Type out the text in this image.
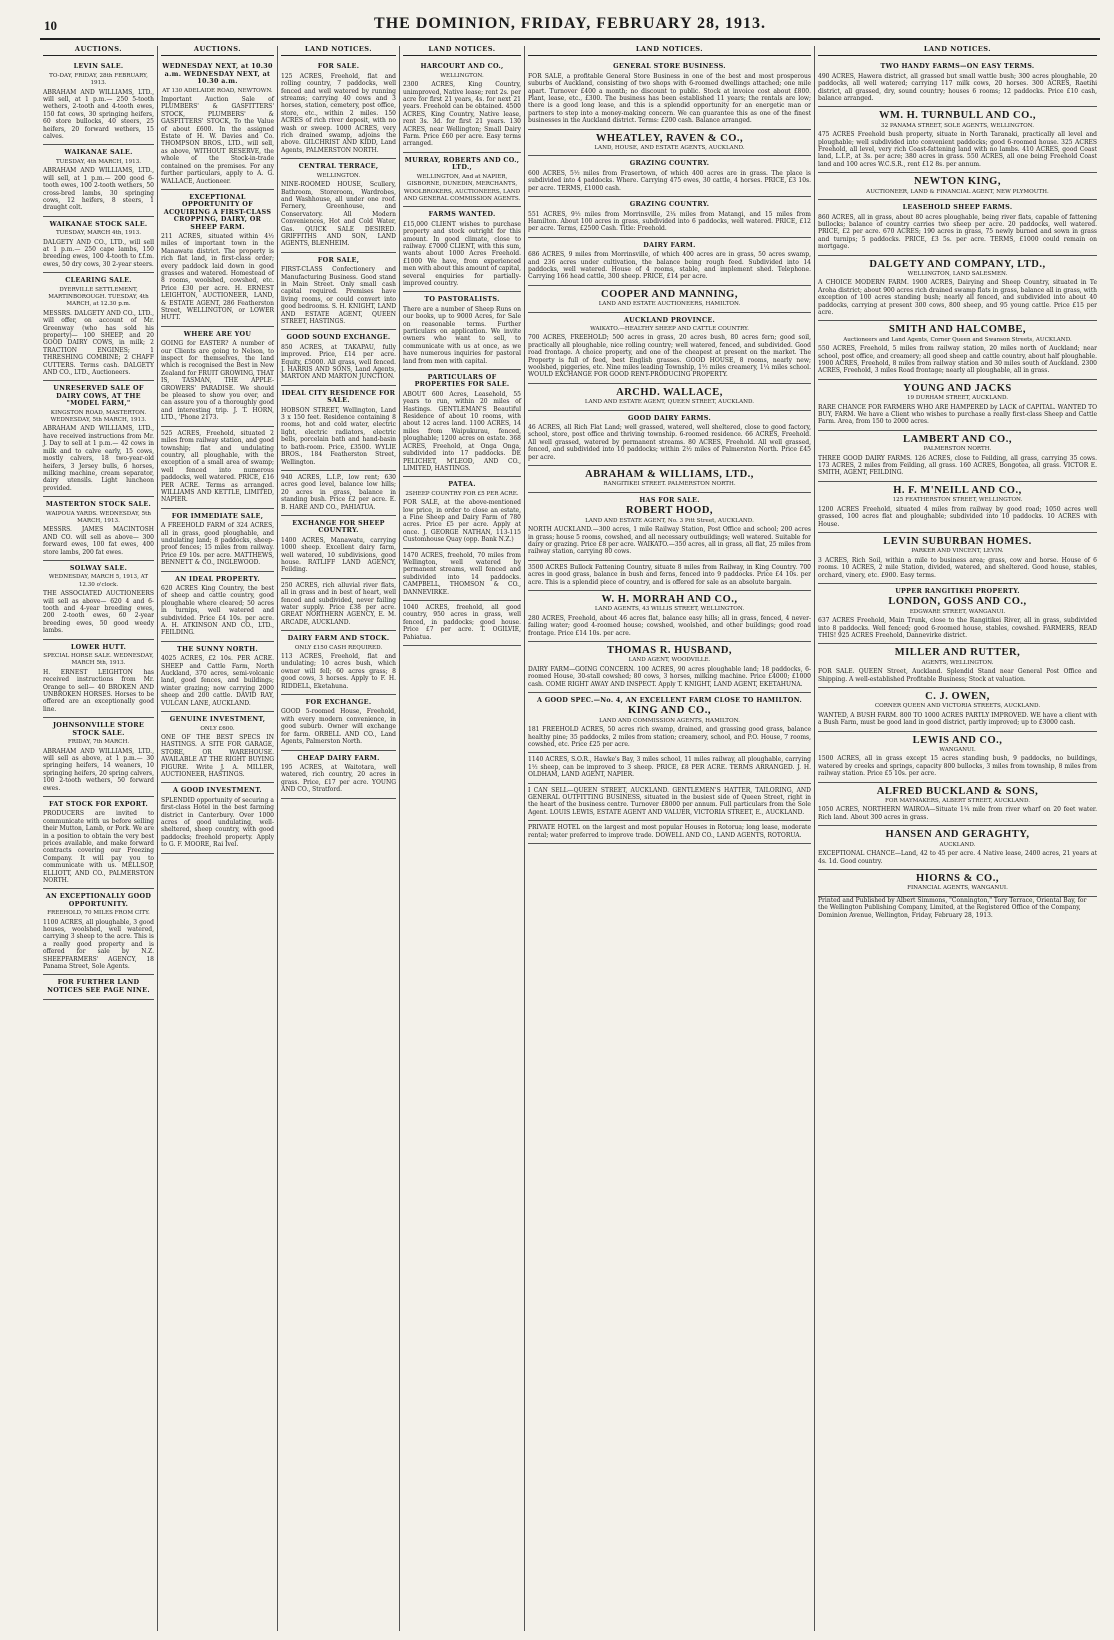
10	THE DOMINION, FRIDAY, FEBRUARY 28, 1913.
AUCTIONS.
LEVIN SALE.
TO-DAY, FRIDAY, 28th FEBRUARY, 1913.

ABRAHAM AND WILLIAMS, LTD., will sell, at 1 p.m.— 250 5-tooth wethers, 2-tooth and 4-tooth ewes, 150 fat cows, 30 springing heifers, 60 store bullocks, 40 steers, 25 heifers, 20 forward wethers, 15 calves.

WAIKANAE SALE.
TUESDAY, 4th MARCH, 1913.

ABRAHAM AND WILLIAMS, LTD., will sell, at 1 p.m.— 200 good 6-tooth ewes, 100 2-tooth wethers, 50 cross-bred lambs, 30 springing cows, 12 heifers, 8 steers, 1 draught colt.

WAIKANAE STOCK SALE.
TUESDAY, MARCH 4th, 1913.

DALGETY AND CO., LTD., will sell at 1 p.m.— 250 cape lambs, 150 breeding ewes, 100 4-tooth to f.f.m. ewes, 50 dry cows, 30 2-year steers.

CLEARING SALE.
DYERVILLE SETTLEMENT, MARTINBOROUGH. TUESDAY, 4th MARCH, at 12.30 p.m.

MESSRS. DALGETY AND CO., LTD., will offer, on account of Mr. Greenway (who has sold his property)— 100 SHEEP, and 20 GOOD DAIRY COWS, in milk; 2 TRACTION ENGINES; 1 THRESHING COMBINE; 2 CHAFF CUTTERS. Terms cash. DALGETY AND CO., LTD., Auctioneers.

UNRESERVED SALE OF DAIRY COWS, AT THE "MODEL FARM,"
KINGSTON ROAD, MASTERTON. WEDNESDAY, 5th MARCH, 1913.

ABRAHAM AND WILLIAMS, LTD., have received instructions from Mr. J. Day to sell at 1 p.m.— 42 cows in milk and to calve early, 15 cows, mostly calvers, 18 two-year-old heifers, 3 Jersey bulls, 6 horses, milking machine, cream separator, dairy utensils. Light luncheon provided.

MASTERTON STOCK SALE.
WAIPOUA YARDS. WEDNESDAY, 5th MARCH, 1913.

MESSRS. JAMES MACINTOSH AND CO. will sell as above— 300 forward ewes, 100 fat ewes, 400 store lambs, 200 fat ewes.

SOLWAY SALE.
WEDNESDAY, MARCH 5, 1913, AT 12.30 o'clock.

THE ASSOCIATED AUCTIONEERS will sell as above— 620 4 and 6-tooth and 4-year breeding ewes, 200 2-tooth ewes, 60 2-year breeding ewes, 50 good weedy lambs.

LOWER HUTT.
SPECIAL HORSE SALE. WEDNESDAY, MARCH 5th, 1913.

H. ERNEST LEIGHTON has received instructions from Mr. Orange to sell— 40 BROKEN AND UNBROKEN HORSES. Horses to be offered are an exceptionally good line.

JOHNSONVILLE STORE STOCK SALE.
FRIDAY, 7th MARCH.

ABRAHAM AND WILLIAMS, LTD., will sell as above, at 1 p.m.— 30 springing heifers, 14 weaners, 10 springing heifers, 20 spring calvers, 100 2-tooth wethers, 50 forward ewes.

FAT STOCK FOR EXPORT.

PRODUCERS are invited to communicate with us before selling their Mutton, Lamb, or Pork. We are in a position to obtain the very best prices available, and make forward contracts covering our Freezing Company. It will pay you to communicate with us. MELLSOP, ELLIOTT, AND CO., PALMERSTON NORTH.

AN EXCEPTIONALLY GOOD OPPORTUNITY.
FREEHOLD, 70 MILES FROM CITY.

1100 ACRES, all ploughable, 3 good houses, woolshed, well watered, carrying 3 sheep to the acre. This is a really good property and is offered for sale by N.Z. SHEEPFARMERS' AGENCY, 18 Panama Street, Sole Agents.

FOR FURTHER LAND NOTICES SEE PAGE NINE.
AUCTIONS.
WEDNESDAY NEXT, at 10.30 a.m. WEDNESDAY NEXT, at 10.30 a.m.
AT 130 ADELAIDE ROAD, NEWTOWN.

Important Auction Sale of PLUMBERS' & GASFITTERS' STOCK, PLUMBERS' & GASFITTERS' STOCK, To the Value of about £600. In the assigned Estate of H. W. Davies and Co. THOMPSON BROS., LTD., will sell, as above, WITHOUT RESERVE, the whole of the Stock-in-trade contained on the premises. For any further particulars, apply to A. G. WALLACE, Auctioneer.

EXCEPTIONAL OPPORTUNITY OF ACQUIRING A FIRST-CLASS CROPPING, DAIRY, OR SHEEP FARM.

211 ACRES, situated within 4½ miles of important town in the Manawatu district. The property is rich flat land, in first-class order; every paddock laid down in good grasses and watered. Homestead of 8 rooms, woolshed, cowshed, etc. Price £30 per acre. H. ERNEST LEIGHTON, AUCTIONEER, LAND, & ESTATE AGENT, 286 Featherston Street, WELLINGTON, or LOWER HUTT.

WHERE ARE YOU

GOING for EASTER? A number of our Clients are going to Nelson, to inspect for themselves, the land which is recognised the Best in New Zealand for FRUIT GROWING, THAT IS, TASMAN, THE APPLE-GROWERS' PARADISE. We should be pleased to show you over, and can assure you of a thoroughly good and interesting trip. J. T. HORN, LTD., 'Phone 2173.

525 ACRES, Freehold, situated 2 miles from railway station, and good township; flat and undulating country, all ploughable, with the exception of a small area of swamp; well fenced into numerous paddocks, well watered. PRICE, £16 PER ACRE. Terms as arranged. WILLIAMS AND KETTLE, LIMITED, NAPIER.

FOR IMMEDIATE SALE,

A FREEHOLD FARM of 324 ACRES, all in grass, good ploughable, and undulating land; 8 paddocks, sheep-proof fences; 15 miles from railway. Price £9 10s. per acre. MATTHEWS, BENNETT & CO., INGLEWOOD.

AN IDEAL PROPERTY.

620 ACRES King Country, the best of sheep and cattle country, good ploughable where cleared; 50 acres in turnips, well watered and subdivided. Price £4 10s. per acre. A. H. ATKINSON AND CO., LTD., FEILDING.

THE SUNNY NORTH.

4025 ACRES, £2 10s. PER ACRE. SHEEP and Cattle Farm, North Auckland, 370 acres, semi-volcanic land, good fences, and buildings; winter grazing; now carrying 2000 sheep and 200 cattle. DAVID RAY, VULCAN LANE, AUCKLAND.

GENUINE INVESTMENT,
ONLY £600.

ONE OF THE BEST SPECS IN HASTINGS. A SITE FOR GARAGE, STORE, OR WAREHOUSE. AVAILABLE AT THE RIGHT BUYING FIGURE. Write J. A. MILLER, AUCTIONEER, HASTINGS.

A GOOD INVESTMENT.

SPLENDID opportunity of securing a first-class Hotel in the best farming district in Canterbury. Over 1000 acres of good undulating, well-sheltered, sheep country, with good paddocks; freehold property. Apply to G. F. MOORE, Rai Ivel.

LAND NOTICES.
FOR SALE.

125 ACRES, Freehold, flat and rolling country, 7 paddocks, well fenced and well watered by running streams; carrying 40 cows and 3 horses, station, cemetery, post office, store, etc., within 2 miles. 150 ACRES of rich river deposit, with no wash or sweep. 1000 ACRES, very rich drained swamp, adjoins the above. GILCHRIST AND KIDD, Land Agents, PALMERSTON NORTH.

CENTRAL TERRACE,
WELLINGTON.

NINE-ROOMED HOUSE, Scullery, Bathroom, Storeroom, Wardrobes, and Washhouse, all under one roof. Fernery, Greenhouse, and Conservatory. All Modern Conveniences, Hot and Cold Water, Gas. QUICK SALE DESIRED. GRIFFITHS AND SON, LAND AGENTS, BLENHEIM.

FOR SALE,

FIRST-CLASS Confectionery and Manufacturing Business. Good stand in Main Street. Only small cash capital required. Premises have living rooms, or could convert into good bedrooms. S. H. KNIGHT, LAND AND ESTATE AGENT, QUEEN STREET, HASTINGS.

GOOD SOUND EXCHANGE.

850 ACRES, at TAKAPAU, fully improved. Price, £14 per acre. Equity, £5000. All grass, well fenced. J. HARRIS AND SONS, Land Agents, MARTON AND MARTON JUNCTION.

IDEAL CITY RESIDENCE FOR SALE.

HOBSON STREET, Wellington, Land 3 x 150 feet. Residence containing 8 rooms, hot and cold water, electric light, electric radiators, electric bells, porcelain bath and hand-basin to bath-room. Price, £3500. WYLIE BROS., 184 Featherston Street, Wellington.

940 ACRES, L.I.P., low rent; 630 acres good level, balance low hills; 20 acres in grass, balance in standing bush. Price £2 per acre. E. B. HARE AND CO., PAHIATUA.

EXCHANGE FOR SHEEP COUNTRY.

1400 ACRES, Manawatu, carrying 1000 sheep. Excellent dairy farm, well watered, 10 subdivisions, good house. RATLIFF LAND AGENCY, Feilding.

250 ACRES, rich alluvial river flats, all in grass and in best of heart, well fenced and subdivided, never failing water supply. Price £38 per acre. GREAT NORTHERN AGENCY, E. M. ARCADE, AUCKLAND.

DAIRY FARM AND STOCK.
ONLY £150 CASH REQUIRED.

113 ACRES, Freehold, flat and undulating; 10 acres bush, which owner will fell; 60 acres grass; 8 good cows, 3 horses. Apply to F. H. RIDDELL, Eketahuna.

FOR EXCHANGE.

GOOD 5-roomed House, Freehold, with every modern convenience, in good suburb. Owner will exchange for farm. ORBELL AND CO., Land Agents, Palmerston North.

CHEAP DAIRY FARM.

195 ACRES, at Waitotara, well watered, rich country, 20 acres in grass. Price, £17 per acre. YOUNG AND CO., Stratford.

LAND NOTICES.
HARCOURT AND CO.,
WELLINGTON.

2300 ACRES, King Country, unimproved, Native lease; rent 2s. per acre for first 21 years, 4s. for next 21 years. Freehold can be obtained. 4500 ACRES, King Country, Native lease, rent 3s. 3d. for first 21 years. 130 ACRES, near Wellington; Small Dairy Farm. Price £60 per acre. Easy terms arranged.

MURRAY, ROBERTS AND CO., LTD.,
WELLINGTON, And at NAPIER, GISBORNE, DUNEDIN, MERCHANTS, WOOLBROKERS, AUCTIONEERS, LAND AND GENERAL COMMISSION AGENTS.
FARMS WANTED.

£15,000 CLIENT wishes to purchase property and stock outright for this amount. In good climate, close to railway. £7000 CLIENT, with this sum, wants about 1000 Acres Freehold. £1000 We have, from experienced men with about this amount of capital, several enquiries for partially-improved country.

TO PASTORALISTS.

There are a number of Sheep Runs on our books, up to 9000 Acres, for Sale on reasonable terms. Further particulars on application. We invite owners who want to sell, to communicate with us at once, as we have numerous inquiries for pastoral land from men with capital.

PARTICULARS OF PROPERTIES FOR SALE.

ABOUT 600 Acres, Leasehold, 55 years to run, within 20 miles of Hastings. GENTLEMAN'S Beautiful Residence of about 10 rooms, with about 12 acres land. 1100 ACRES, 14 miles from Waipukurau, fenced, ploughable; 1200 acres on estate. 368 ACRES, Freehold, at Onga Onga, subdivided into 17 paddocks. DE PELICHET, M'LEOD, AND CO., LIMITED, HASTINGS.

PATEA.
2SHEEP COUNTRY FOR £5 PER ACRE.

FOR SALE, at the above-mentioned low price, in order to close an estate, a Fine Sheep and Dairy Farm of 780 acres. Price £5 per acre. Apply at once. J. GEORGE NATHAN, 113-115 Customhouse Quay (opp. Bank N.Z.)

1470 ACRES, freehold, 70 miles from Wellington, well watered by permanent streams, well fenced and subdivided into 14 paddocks. CAMPBELL, THOMSON & CO., DANNEVIRKE.

1040 ACRES, freehold, all good country, 950 acres in grass, well fenced, in paddocks; good house. Price £7 per acre. T. OGILVIE, Pahiatua.

LAND NOTICES.
GENERAL STORE BUSINESS.

FOR SALE, a profitable General Store Business in one of the best and most prosperous suburbs of Auckland, consisting of two shops with 6-roomed dwellings attached; one mile apart. Turnover £400 a month; no discount to public. Stock at invoice cost about £800. Plant, lease, etc., £300. The business has been established 11 years; the rentals are low; there is a good long lease, and this is a splendid opportunity for an energetic man or partners to step into a money-making concern. We can guarantee this as one of the finest businesses in the Auckland district. Terms: £200 cash. Balance arranged.

WHEATLEY, RAVEN & CO.,
LAND, HOUSE, AND ESTATE AGENTS, AUCKLAND.
GRAZING COUNTRY.

600 ACRES, 5½ miles from Frasertown, of which 400 acres are in grass. The place is subdivided into 4 paddocks. Where. Carrying 475 ewes, 30 cattle, 4 horses. PRICE, £3 10s. per acre. TERMS, £1000 cash.

GRAZING COUNTRY.

551 ACRES, 9½ miles from Morrinsville, 2¼ miles from Matangi, and 15 miles from Hamilton. About 100 acres in grass, subdivided into 6 paddocks, well watered. PRICE, £12 per acre. Terms, £2500 Cash. Title: Freehold.

DAIRY FARM.

686 ACRES, 9 miles from Morrinsville, of which 400 acres are in grass, 50 acres swamp, and 236 acres under cultivation, the balance being rough feed. Subdivided into 14 paddocks, well watered. House of 4 rooms, stable, and implement shed. Telephone. Carrying 166 head cattle, 300 sheep. PRICE, £14 per acre.

COOPER AND MANNING,
LAND AND ESTATE AUCTIONEERS, HAMILTON.
AUCKLAND PROVINCE.
WAIKATO.—HEALTHY SHEEP AND CATTLE COUNTRY.

700 ACRES, FREEHOLD; 500 acres in grass, 20 acres bush, 80 acres fern; good soil, practically all ploughable, nice rolling country; well watered, fenced, and subdivided. Good road frontage. A choice property, and one of the cheapest at present on the market. The Property is full of feed, best English grasses. GOOD HOUSE, 8 rooms, nearly new; woolshed, piggeries, etc. Nine miles leading Township, 1½ miles creamery, 1¼ miles school. WOULD EXCHANGE FOR GOOD RENT-PRODUCING PROPERTY.

ARCHD. WALLACE,
LAND AND ESTATE AGENT, QUEEN STREET, AUCKLAND.
GOOD DAIRY FARMS.

46 ACRES, all Rich Flat Land; well grassed, watered, well sheltered, close to good factory, school, store, post office and thriving township. 6-roomed residence. 66 ACRES, Freehold. All well grassed, watered by permanent streams. 80 ACRES, Freehold. All well grassed, fenced, and subdivided into 10 paddocks; within 2½ miles of Palmerston North. Price £45 per acre.

ABRAHAM & WILLIAMS, LTD.,
RANGITIKEI STREET. PALMERSTON NORTH.
HAS FOR SALE.
ROBERT HOOD,
LAND AND ESTATE AGENT, No. 3 Pitt Street, AUCKLAND.

NORTH AUCKLAND.—300 acres, 1 mile Railway Station, Post Office and school; 200 acres in grass; house 5 rooms, cowshed, and all necessary outbuildings; well watered. Suitable for dairy or grazing. Price £8 per acre. WAIKATO.—350 acres, all in grass, all flat, 25 miles from railway station, carrying 80 cows.

3500 ACRES Bullock Fattening Country, situate 8 miles from Railway, in King Country. 700 acres in good grass, balance in bush and ferns, fenced into 9 paddocks. Price £4 10s. per acre. This is a splendid piece of country, and is offered for sale as an absolute bargain.

W. H. MORRAH AND CO.,
LAND AGENTS, 43 WILLIS STREET, WELLINGTON.

280 ACRES, Freehold, about 46 acres flat, balance easy hills; all in grass, fenced, 4 never-failing water; good 4-roomed house; cowshed, woolshed, and other buildings; good road frontage. Price £14 10s. per acre.

THOMAS R. HUSBAND,
LAND AGENT, WOODVILLE.

DAIRY FARM—GOING CONCERN. 100 ACRES, 90 acres ploughable land; 18 paddocks, 6-roomed House, 30-stall cowshed; 80 cows, 3 horses, milking machine. Price £4000; £1000 cash. COME RIGHT AWAY AND INSPECT. Apply T. KNIGHT, LAND AGENT, EKETAHUNA.

A GOOD SPEC.—No. 4, AN EXCELLENT FARM CLOSE TO HAMILTON.
KING AND CO.,
LAND AND COMMISSION AGENTS, HAMILTON.

181 FREEHOLD ACRES, 50 acres rich swamp, drained, and grassing good grass, balance healthy pine; 35 paddocks, 2 miles from station; creamery, school, and P.O. House, 7 rooms, cowshed, etc. Price £25 per acre.

1140 ACRES, S.O.R., Hawke's Bay, 3 miles school, 11 miles railway, all ploughable, carrying 1½ sheep, can be improved to 3 sheep. PRICE, £8 PER ACRE. TERMS ARRANGED. J. H. OLDHAM, LAND AGENT, NAPIER.

I CAN SELL—QUEEN STREET, AUCKLAND. GENTLEMEN'S HATTER, TAILORING, AND GENERAL OUTFITTING BUSINESS, situated in the busiest side of Queen Street, right in the heart of the business centre. Turnover £8000 per annum. Full particulars from the Sole Agent. LOUIS LEWIS, ESTATE AGENT AND VALUER, VICTORIA STREET, E., AUCKLAND.

PRIVATE HOTEL on the largest and most popular Houses in Rotorua; long lease, moderate rental; water preferred to improve trade. DOWELL AND CO., LAND AGENTS, ROTORUA.

LAND NOTICES.
TWO HANDY FARMS—ON EASY TERMS.

490 ACRES, Hawera district, all grassed but small wattle bush; 300 acres ploughable, 20 paddocks, all well watered; carrying 117 milk cows, 20 horses. 300 ACRES, Raetihi district, all grassed, dry, sound country; houses 6 rooms; 12 paddocks. Price £10 cash, balance arranged.

WM. H. TURNBULL AND CO.,
32 PANAMA STREET, SOLE AGENTS, WELLINGTON.

475 ACRES Freehold bush property, situate in North Taranaki, practically all level and ploughable; well subdivided into convenient paddocks; good 6-roomed house. 325 ACRES Freehold, all level, very rich Coast-fattening land with no lambs. 410 ACRES, good Coast land, L.I.P., at 3s. per acre; 380 acres in grass. 550 ACRES, all one being Freehold Coast land and 100 acres W.C.S.R., rent £12 8s. per annum.

NEWTON KING,
AUCTIONEER, LAND & FINANCIAL AGENT, NEW PLYMOUTH.
LEASEHOLD SHEEP FARMS.

860 ACRES, all in grass, about 80 acres ploughable, being river flats, capable of fattening bullocks; balance of country carries two sheep per acre. 20 paddocks, well watered. PRICE, £2 per acre. 670 ACRES; 190 acres in grass, 75 newly burned and sown in grass and turnips; 5 paddocks. PRICE, £3 5s. per acre. TERMS, £1000 could remain on mortgage.

DALGETY AND COMPANY, LTD.,
WELLINGTON, LAND SALESMEN.

A CHOICE MODERN FARM. 1900 ACRES, Dairying and Sheep Country, situated in Te Aroha district; about 900 acres rich drained swamp flats in grass, balance all in grass, with exception of 100 acres standing bush; nearly all fenced, and subdivided into about 40 paddocks, carrying at present 300 cows, 800 sheep, and 95 young cattle. Price £15 per acre.

SMITH AND HALCOMBE,
Auctioneers and Land Agents, Corner Queen and Swanson Streets, AUCKLAND.

550 ACRES, Freehold, 5 miles from railway station, 20 miles north of Auckland; near school, post office, and creamery; all good sheep and cattle country, about half ploughable. 1900 ACRES, Freehold, 8 miles from railway station and 30 miles south of Auckland. 2300 ACRES, Freehold, 3 miles Road frontage; nearly all ploughable, all in grass.

YOUNG AND JACKS
19 DURHAM STREET, AUCKLAND.

RARE CHANCE FOR FARMERS WHO ARE HAMPERED by LACK of CAPITAL. WANTED TO BUY, FARM. We have a Client who wishes to purchase a really first-class Sheep and Cattle Farm. Area, from 150 to 2000 acres.

LAMBERT AND CO.,
PALMERSTON NORTH.

THREE GOOD DAIRY FARMS. 126 ACRES, close to Feilding, all grass, carrying 35 cows. 173 ACRES, 2 miles from Feilding, all grass. 160 ACRES, Bongotea, all grass. VICTOR E. SMITH, AGENT, FEILDING.

H. F. M'NEILL AND CO.,
125 FEATHERSTON STREET, WELLINGTON.

1200 ACRES Freehold, situated 4 miles from railway by good road; 1050 acres well grassed, 100 acres flat and ploughable; subdivided into 10 paddocks. 10 ACRES with House.

LEVIN SUBURBAN HOMES.
PARKER AND VINCENT, LEVIN.

3 ACRES, Rich Soil, within a mile to business area; grass, cow and horse. House of 6 rooms. 10 ACRES, 2 mile Station, divided, watered, and sheltered. Good house, stables, orchard, vinery, etc. £900. Easy terms.

UPPER RANGITIKEI PROPERTY.
LONDON, GOSS AND CO.,
EDGWARE STREET, WANGANUI.

637 ACRES Freehold, Main Trunk, close to the Rangitikei River, all in grass, subdivided into 8 paddocks. Well fenced; good 6-roomed house, stables, cowshed. FARMERS, READ THIS! 925 ACRES Freehold, Dannevirke district.

MILLER AND RUTTER,
AGENTS, WELLINGTON.

FOR SALE. QUEEN Street, Auckland. Splendid Stand near General Post Office and Shipping. A well-established Profitable Business; Stock at valuation.

C. J. OWEN,
CORNER QUEEN AND VICTORIA STREETS, AUCKLAND.

WANTED, A BUSH FARM. 800 TO 1000 ACRES PARTLY IMPROVED. WE have a client with a Bush Farm, must be good land in good district, partly improved; up to £3000 cash.

LEWIS AND CO.,
WANGANUI.

1500 ACRES, all in grass except 15 acres standing bush, 9 paddocks, no buildings, watered by creeks and springs, capacity 800 bullocks, 3 miles from township, 8 miles from railway station. Price £5 10s. per acre.

ALFRED BUCKLAND & SONS,
FOR MAYMAKERS, ALBERT STREET, AUCKLAND.

1050 ACRES, NORTHERN WAIROA—Situate 1¼ mile from river wharf on 20 feet water. Rich land. About 300 acres in grass.

HANSEN AND GERAGHTY,
AUCKLAND.

EXCEPTIONAL CHANCE—Land, 42 to 45 per acre. 4 Native lease, 2400 acres, 21 years at 4s. 1d. Good country.

HIORNS & CO.,
FINANCIAL AGENTS, WANGANUI.
Printed and Published by Albert Simmons, "Connington," Tory Terrace, Oriental Bay, for the Wellington Publishing Company, Limited, at the Registered Office of the Company, Dominion Avenue, Wellington, Friday, February 28, 1913.
